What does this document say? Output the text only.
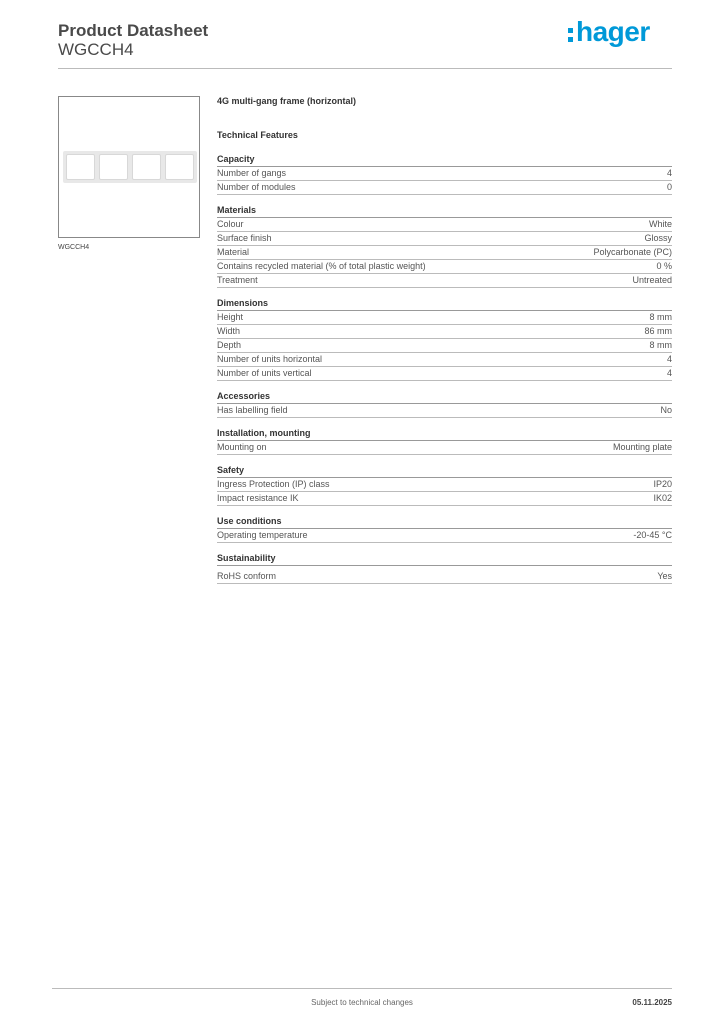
Product Datasheet
WGCCH4
hager
WGCCH4
4G multi-gang frame (horizontal)
Technical Features
Capacity
Number of gangs	4
Number of modules	0
Materials
Colour	White
Surface finish	Glossy
Material	Polycarbonate (PC)
Contains recycled material (% of total plastic weight)	0 %
Treatment	Untreated
Dimensions
Height	8 mm
Width	86 mm
Depth	8 mm
Number of units horizontal	4
Number of units vertical	4
Accessories
Has labelling field	No
Installation, mounting
Mounting on	Mounting plate
Safety
Ingress Protection (IP) class	IP20
Impact resistance IK	IK02
Use conditions
Operating temperature	-20-45 °C
Sustainability
RoHS conform	Yes
Subject to technical changes	05.11.2025
